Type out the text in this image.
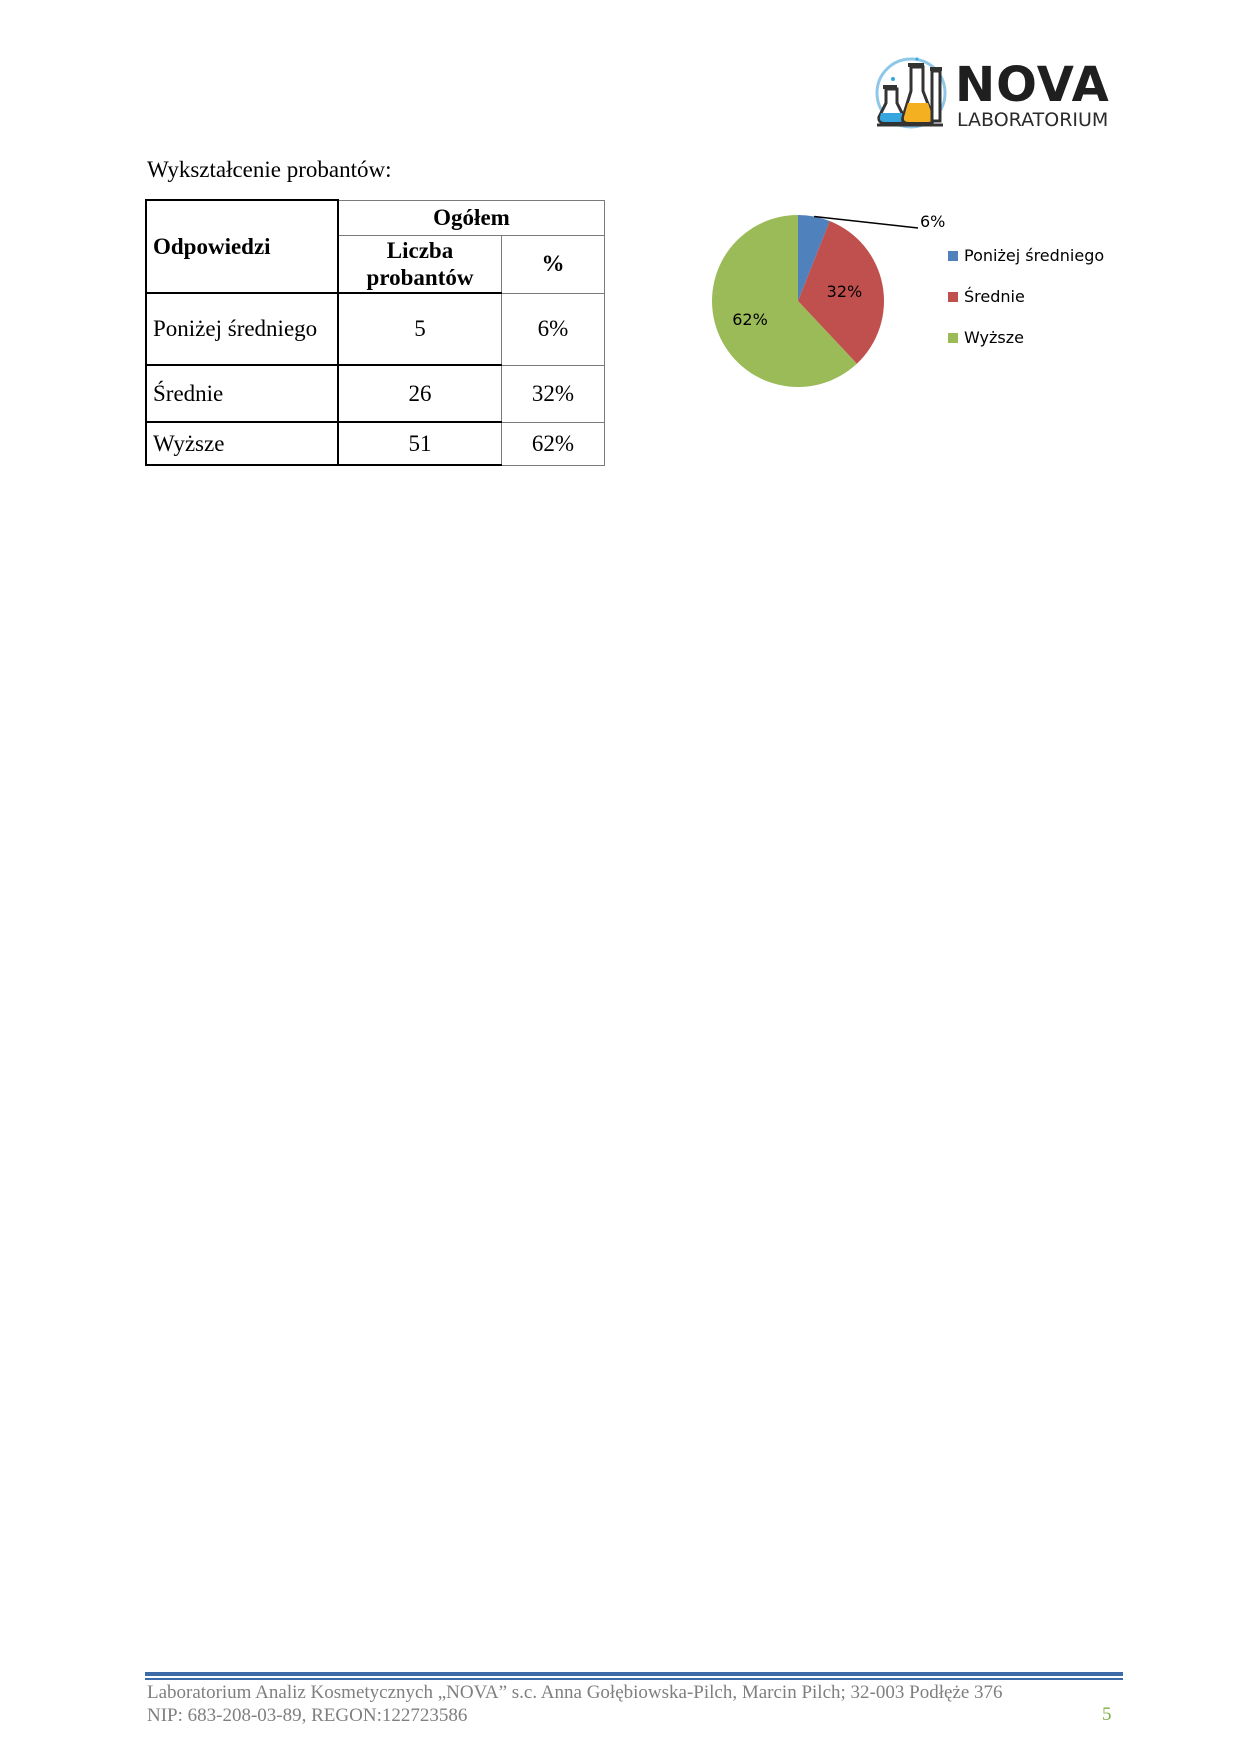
NOVA
LABORATORIUM
Wykształcenie probantów:
Odpowiedzi	Ogółem	
	Liczba probantów	%
Poniżej średniego	5	6%
Średnie	26	32%
Wyższe	51	62%
6%
32%
62%
Poniżej średniego
Średnie
Wyższe
Laboratorium Analiz Kosmetycznych „NOVA” s.c. Anna Gołębiowska-Pilch, Marcin Pilch; 32-003 Podłęże 376
NIP: 683-208-03-89, REGON:122723586	5
